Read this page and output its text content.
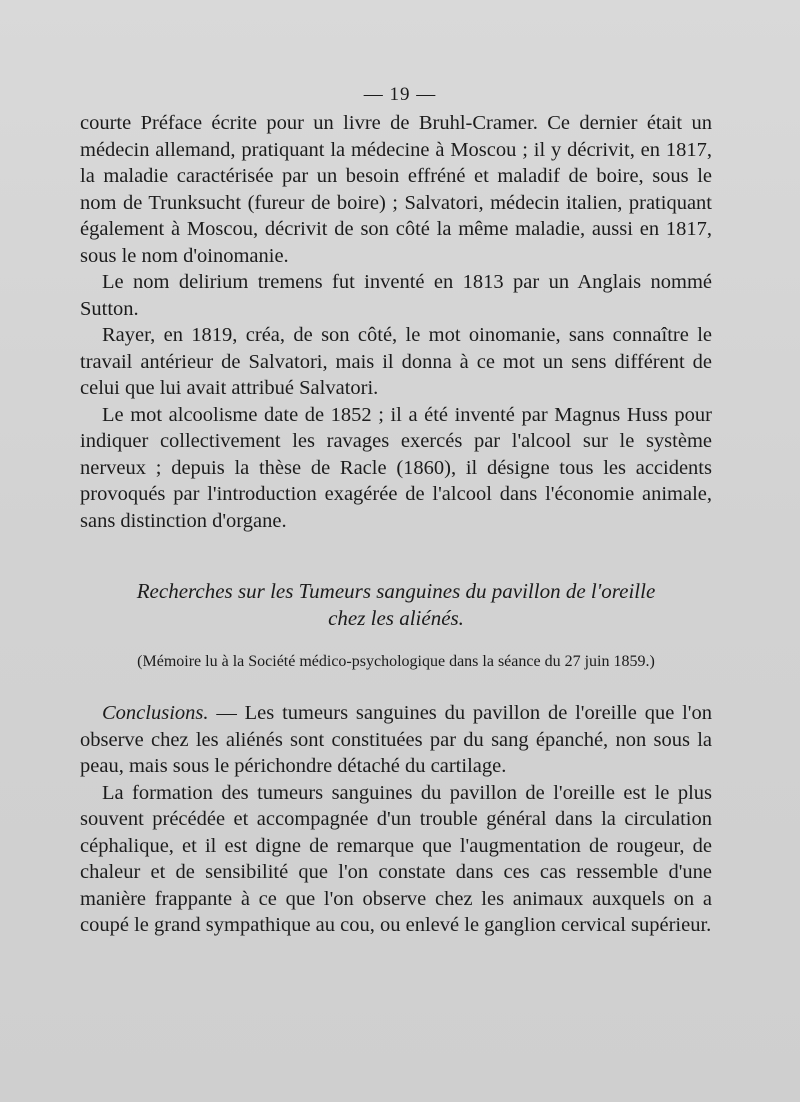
— 19 —

courte Préface écrite pour un livre de Bruhl-Cramer. Ce dernier était un médecin allemand, pratiquant la médecine à Moscou ; il y décrivit, en 1817, la maladie caractérisée par un besoin effréné et maladif de boire, sous le nom de Trunksucht (fureur de boire) ; Salvatori, médecin italien, pratiquant également à Moscou, décrivit de son côté la même maladie, aussi en 1817, sous le nom d'oinomanie.

Le nom delirium tremens fut inventé en 1813 par un Anglais nommé Sutton.

Rayer, en 1819, créa, de son côté, le mot oinomanie, sans connaître le travail antérieur de Salvatori, mais il donna à ce mot un sens différent de celui que lui avait attribué Salvatori.

Le mot alcoolisme date de 1852 ; il a été inventé par Magnus Huss pour indiquer collectivement les ravages exercés par l'alcool sur le système nerveux ; depuis la thèse de Racle (1860), il désigne tous les accidents provoqués par l'introduction exagérée de l'alcool dans l'économie animale, sans distinction d'organe.

Recherches sur les Tumeurs sanguines du pavillon de l'oreille
chez les aliénés.
(Mémoire lu à la Société médico-psychologique dans la séance du 27 juin 1859.)

Conclusions. — Les tumeurs sanguines du pavillon de l'oreille que l'on observe chez les aliénés sont constituées par du sang épanché, non sous la peau, mais sous le périchondre détaché du cartilage.

La formation des tumeurs sanguines du pavillon de l'oreille est le plus souvent précédée et accompagnée d'un trouble général dans la circulation céphalique, et il est digne de remarque que l'augmentation de rougeur, de chaleur et de sensibilité que l'on constate dans ces cas ressemble d'une manière frappante à ce que l'on observe chez les animaux auxquels on a coupé le grand sympathique au cou, ou enlevé le ganglion cervical supérieur.
